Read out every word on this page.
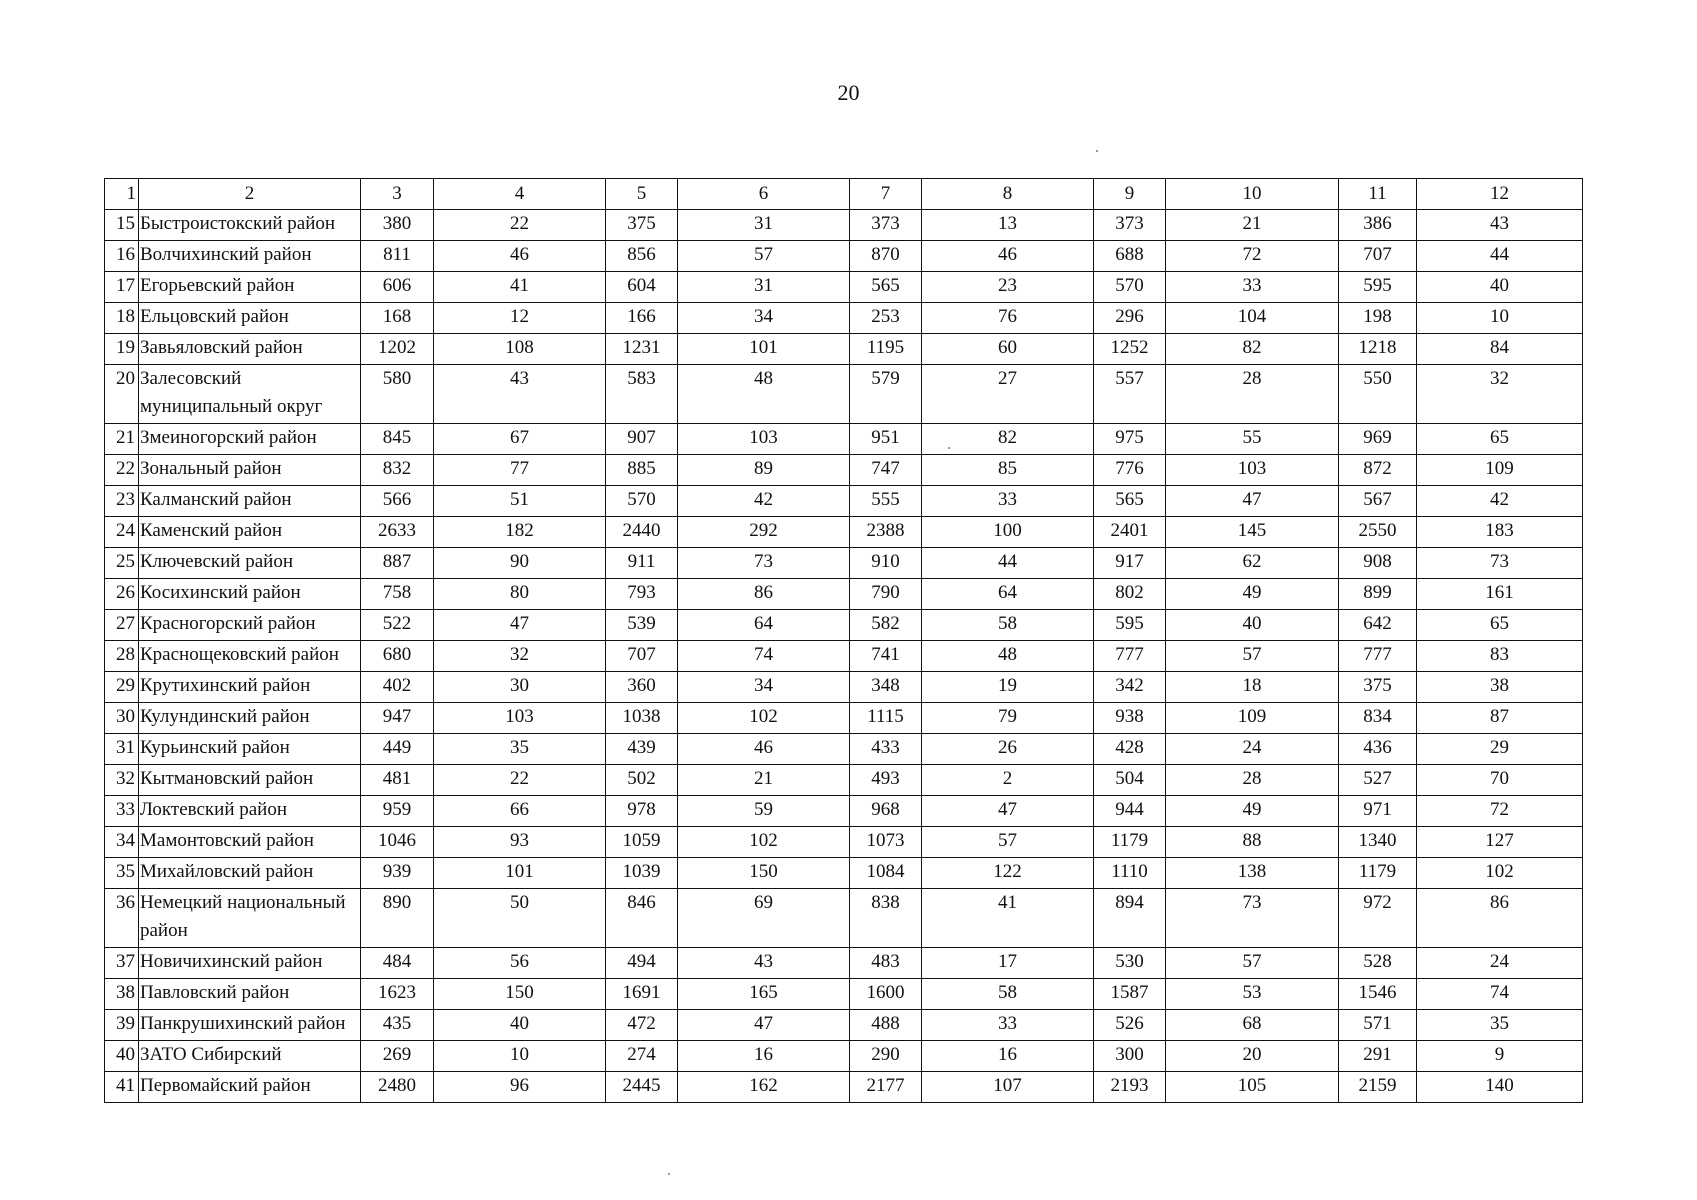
20
1	2	3	4	5	6	7	8	9	10	11	12
15	Быстроистокский район	380	22	375	31	373	13	373	21	386	43
16	Волчихинский район	811	46	856	57	870	46	688	72	707	44
17	Егорьевский район	606	41	604	31	565	23	570	33	595	40
18	Ельцовский район	168	12	166	34	253	76	296	104	198	10
19	Завьяловский район	1202	108	1231	101	1195	60	1252	82	1218	84
20	Залесовский муниципальный округ	580	43	583	48	579	27	557	28	550	32
21	Змеиногорский район	845	67	907	103	951	82	975	55	969	65
22	Зональный район	832	77	885	89	747	85	776	103	872	109
23	Калманский район	566	51	570	42	555	33	565	47	567	42
24	Каменский район	2633	182	2440	292	2388	100	2401	145	2550	183
25	Ключевский район	887	90	911	73	910	44	917	62	908	73
26	Косихинский район	758	80	793	86	790	64	802	49	899	161
27	Красногорский район	522	47	539	64	582	58	595	40	642	65
28	Краснощековский район	680	32	707	74	741	48	777	57	777	83
29	Крутихинский район	402	30	360	34	348	19	342	18	375	38
30	Кулундинский район	947	103	1038	102	1115	79	938	109	834	87
31	Курьинский район	449	35	439	46	433	26	428	24	436	29
32	Кытмановский район	481	22	502	21	493	2	504	28	527	70
33	Локтевский район	959	66	978	59	968	47	944	49	971	72
34	Мамонтовский район	1046	93	1059	102	1073	57	1179	88	1340	127
35	Михайловский район	939	101	1039	150	1084	122	1110	138	1179	102
36	Немецкий национальный район	890	50	846	69	838	41	894	73	972	86
37	Новичихинский район	484	56	494	43	483	17	530	57	528	24
38	Павловский район	1623	150	1691	165	1600	58	1587	53	1546	74
39	Панкрушихинский район	435	40	472	47	488	33	526	68	571	35
40	ЗАТО Сибирский	269	10	274	16	290	16	300	20	291	9
41	Первомайский район	2480	96	2445	162	2177	107	2193	105	2159	140
